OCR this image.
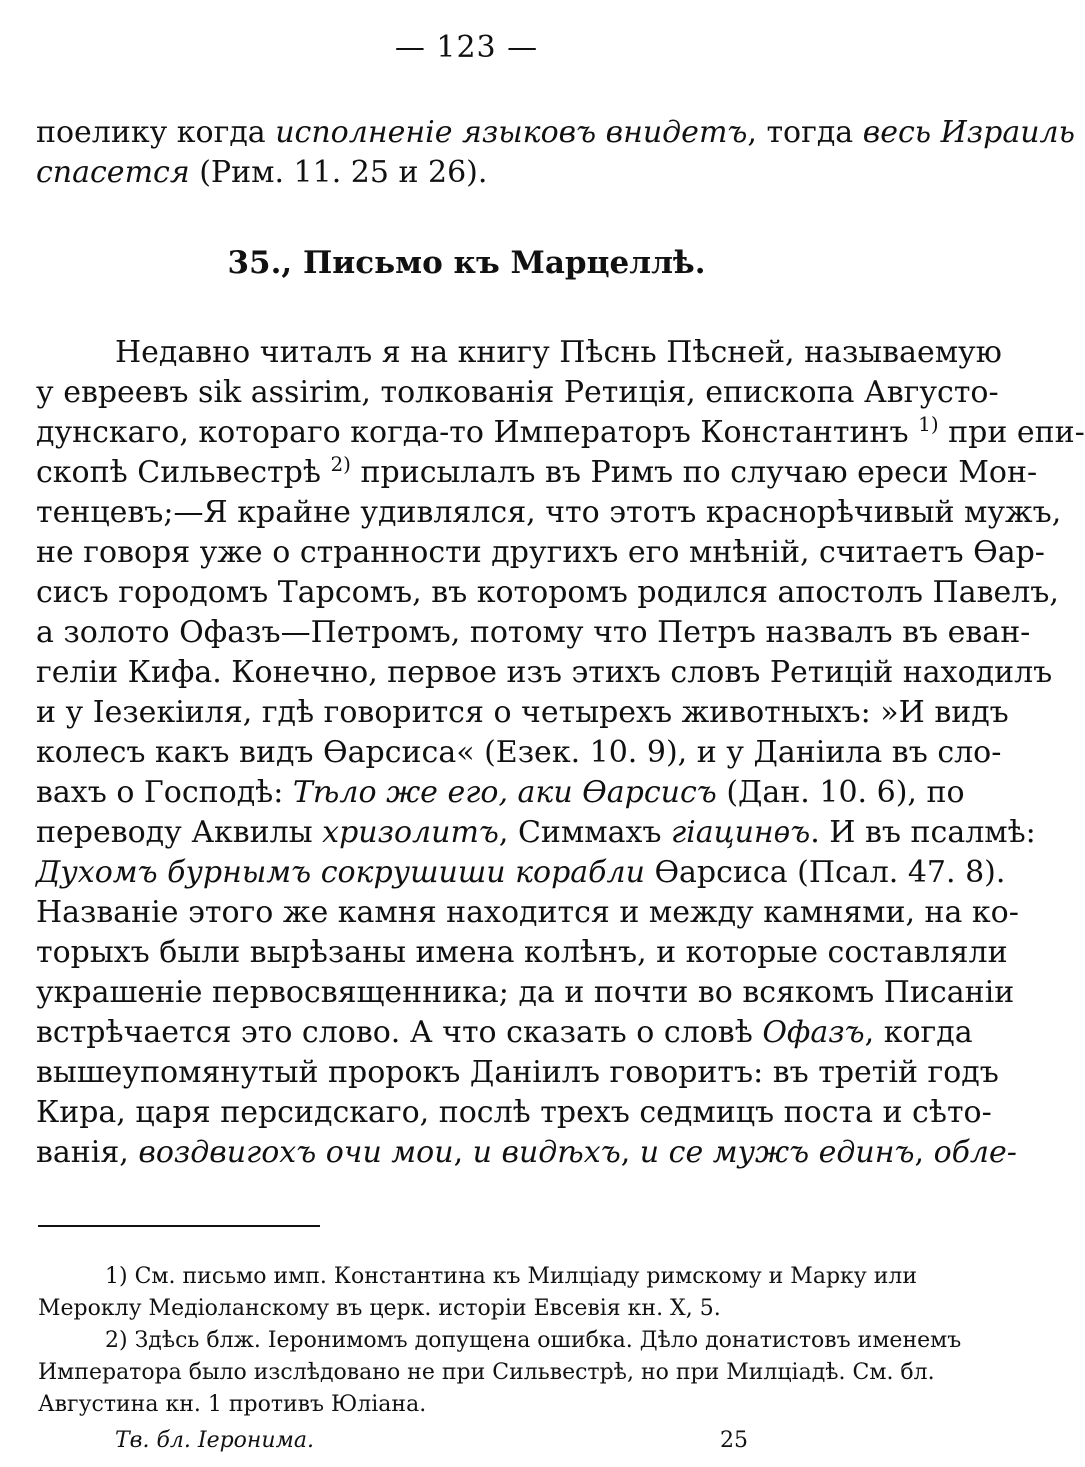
— 123 —
поелику когда исполненіе языковъ внидетъ, тогда весь Израиль
спасется (Рим. 11. 25 и 26).
35., Письмо къ Марцеллѣ.
Недавно читалъ я на книгу Пѣснь Пѣсней, называемую
у евреевъ sik assirim, толкованія Ретиція, епископа Августо-
дунскаго, котораго когда-то Императоръ Константинъ $^{1)}$ при епи-
скопѣ Сильвестрѣ $^{2)}$ присылалъ въ Римъ по случаю ереси Мон-
тенцевъ;—Я крайне удивлялся, что этотъ краснорѣчивый мужъ,
не говоря уже о странности другихъ его мнѣній, считаетъ Ѳар-
сисъ городомъ Тарсомъ, въ которомъ родился апостолъ Павелъ,
а золото Офазъ—Петромъ, потому что Петръ назвалъ въ еван-
геліи Кифа. Конечно, первое изъ этихъ словъ Ретицій находилъ
и у Іезекіиля, гдѣ говорится о четырехъ животныхъ: »И видъ
колесъ какъ видъ Ѳарсиса« (Езек. 10. 9), и у Даніила въ сло-
вахъ о Господѣ: Тѣло же его, аки Ѳарсисъ (Дан. 10. 6), по
переводу Аквилы хризолитъ, Симмахъ гіацинѳъ. И въ псалмѣ:
Духомъ бурнымъ сокрушиши корабли Ѳарсиса (Псал. 47. 8).
Названіе этого же камня находится и между камнями, на ко-
торыхъ были вырѣзаны имена колѣнъ, и которые составляли
украшеніе первосвященника; да и почти во всякомъ Писаніи
встрѣчается это слово. А что сказать о словѣ Офазъ, когда
вышеупомянутый пророкъ Даніилъ говоритъ: въ третій годъ
Кира, царя персидскаго, послѣ трехъ седмицъ поста и сѣто-
ванія, воздвигохъ очи мои, и видѣхъ, и се мужъ единъ, обле-
1) См. письмо имп. Константина къ Милціаду римскому и Марку или
Мероклу Медіоланскому въ церк. исторіи Евсевія кн. X, 5.
2) Здѣсь блж. Іеронимомъ допущена ошибка. Дѣло донатистовъ именемъ
Императора было изслѣдовано не при Сильвестрѣ, но при Милціадѣ. См. бл.
Августина кн. 1 противъ Юліана.
Тв. бл. Іеронима.	25
